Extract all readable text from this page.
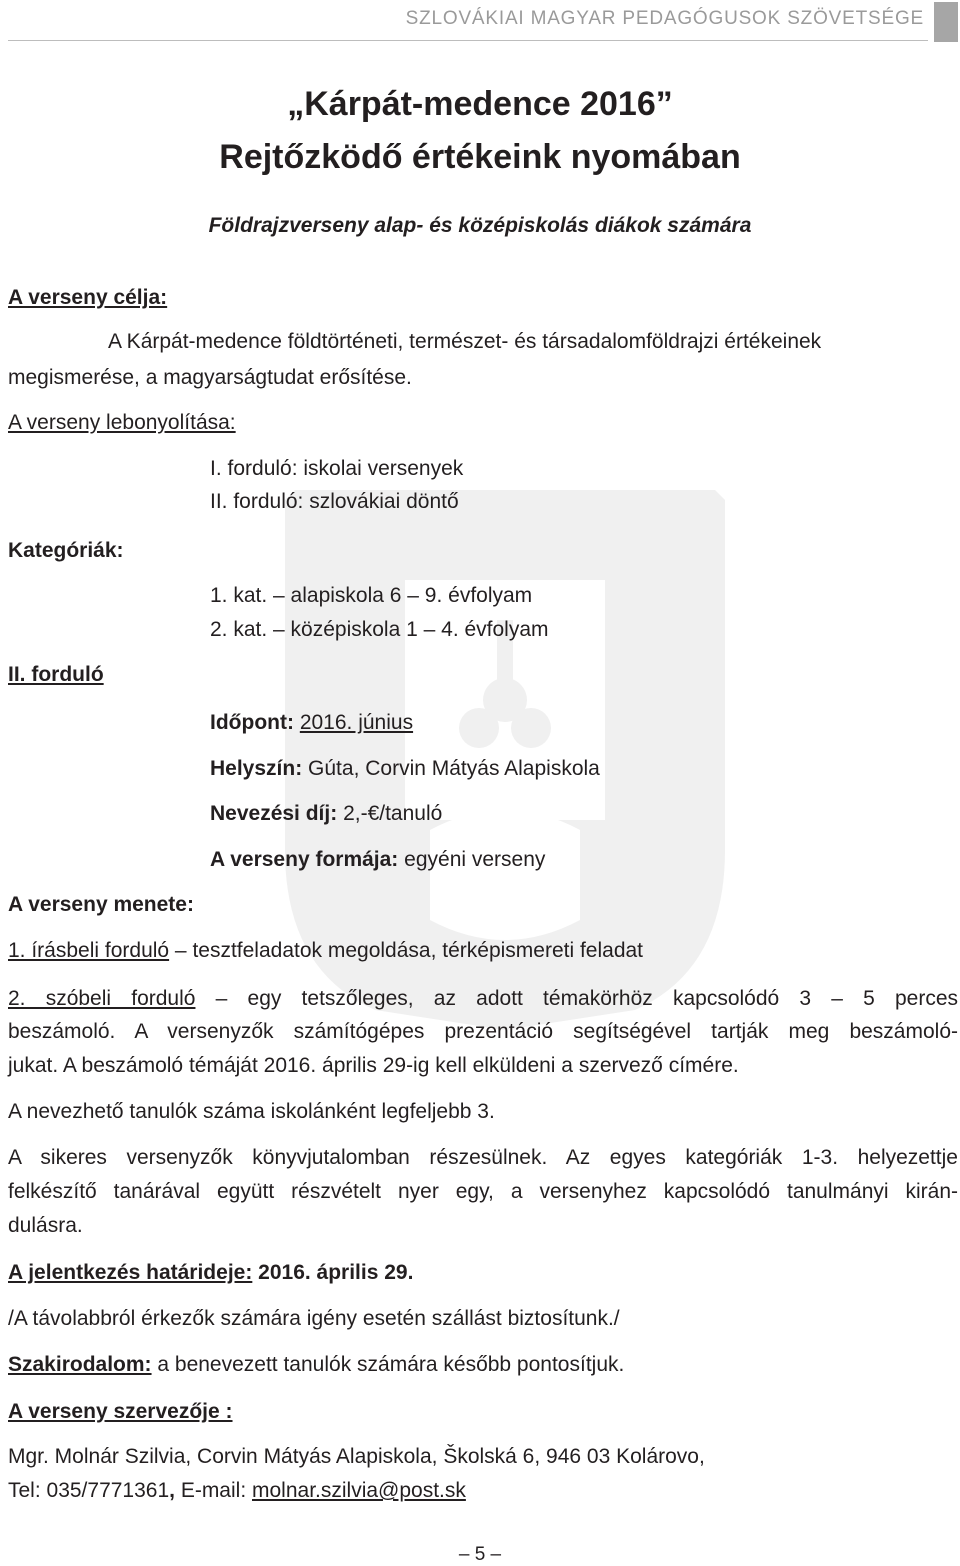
SZLOVÁKIAI MAGYAR PEDAGÓGUSOK SZÖVETSÉGE
„Kárpát-medence 2016”
Rejtőzködő értékeink nyomában
Földrajzverseny alap- és középiskolás diákok számára
A verseny célja:
A Kárpát-medence földtörténeti, természet- és társadalomföldrajzi értékeinek
megismerése, a magyarságtudat erősítése.
A verseny lebonyolítása:
I. forduló: iskolai versenyek
II. forduló: szlovákiai döntő
Kategóriák:
1. kat. – alapiskola 6 – 9. évfolyam
2. kat. – középiskola 1 – 4. évfolyam
II. forduló
Időpont: 2016. június
Helyszín: Gúta, Corvin Mátyás Alapiskola
Nevezési díj: 2,-€/tanuló
A verseny formája: egyéni verseny
A verseny menete:
1. írásbeli forduló – tesztfeladatok megoldása, térképismereti feladat
2. szóbeli forduló – egy tetszőleges, az adott témakörhöz kapcsolódó 3 – 5 perces
beszámoló. A versenyzők számítógépes prezentáció segítségével tartják meg beszámoló-
jukat. A beszámoló témáját 2016. április 29-ig kell elküldeni a szervező címére.
A nevezhető tanulók száma iskolánként legfeljebb 3.
A sikeres versenyzők könyvjutalomban részesülnek. Az egyes kategóriák 1-3. helyezettje
felkészítő tanárával együtt részvételt nyer egy, a versenyhez kapcsolódó tanulmányi kirán-
dulásra.
A jelentkezés határideje: 2016. április 29.
/A távolabbról érkezők számára igény esetén szállást biztosítunk./
Szakirodalom: a benevezett tanulók számára később pontosítjuk.
A verseny szervezője :
Mgr. Molnár Szilvia, Corvin Mátyás Alapiskola, Školská 6, 946 03 Kolárovo,
Tel: 035/7771361, E-mail: molnar.szilvia@post.sk
– 5 –
